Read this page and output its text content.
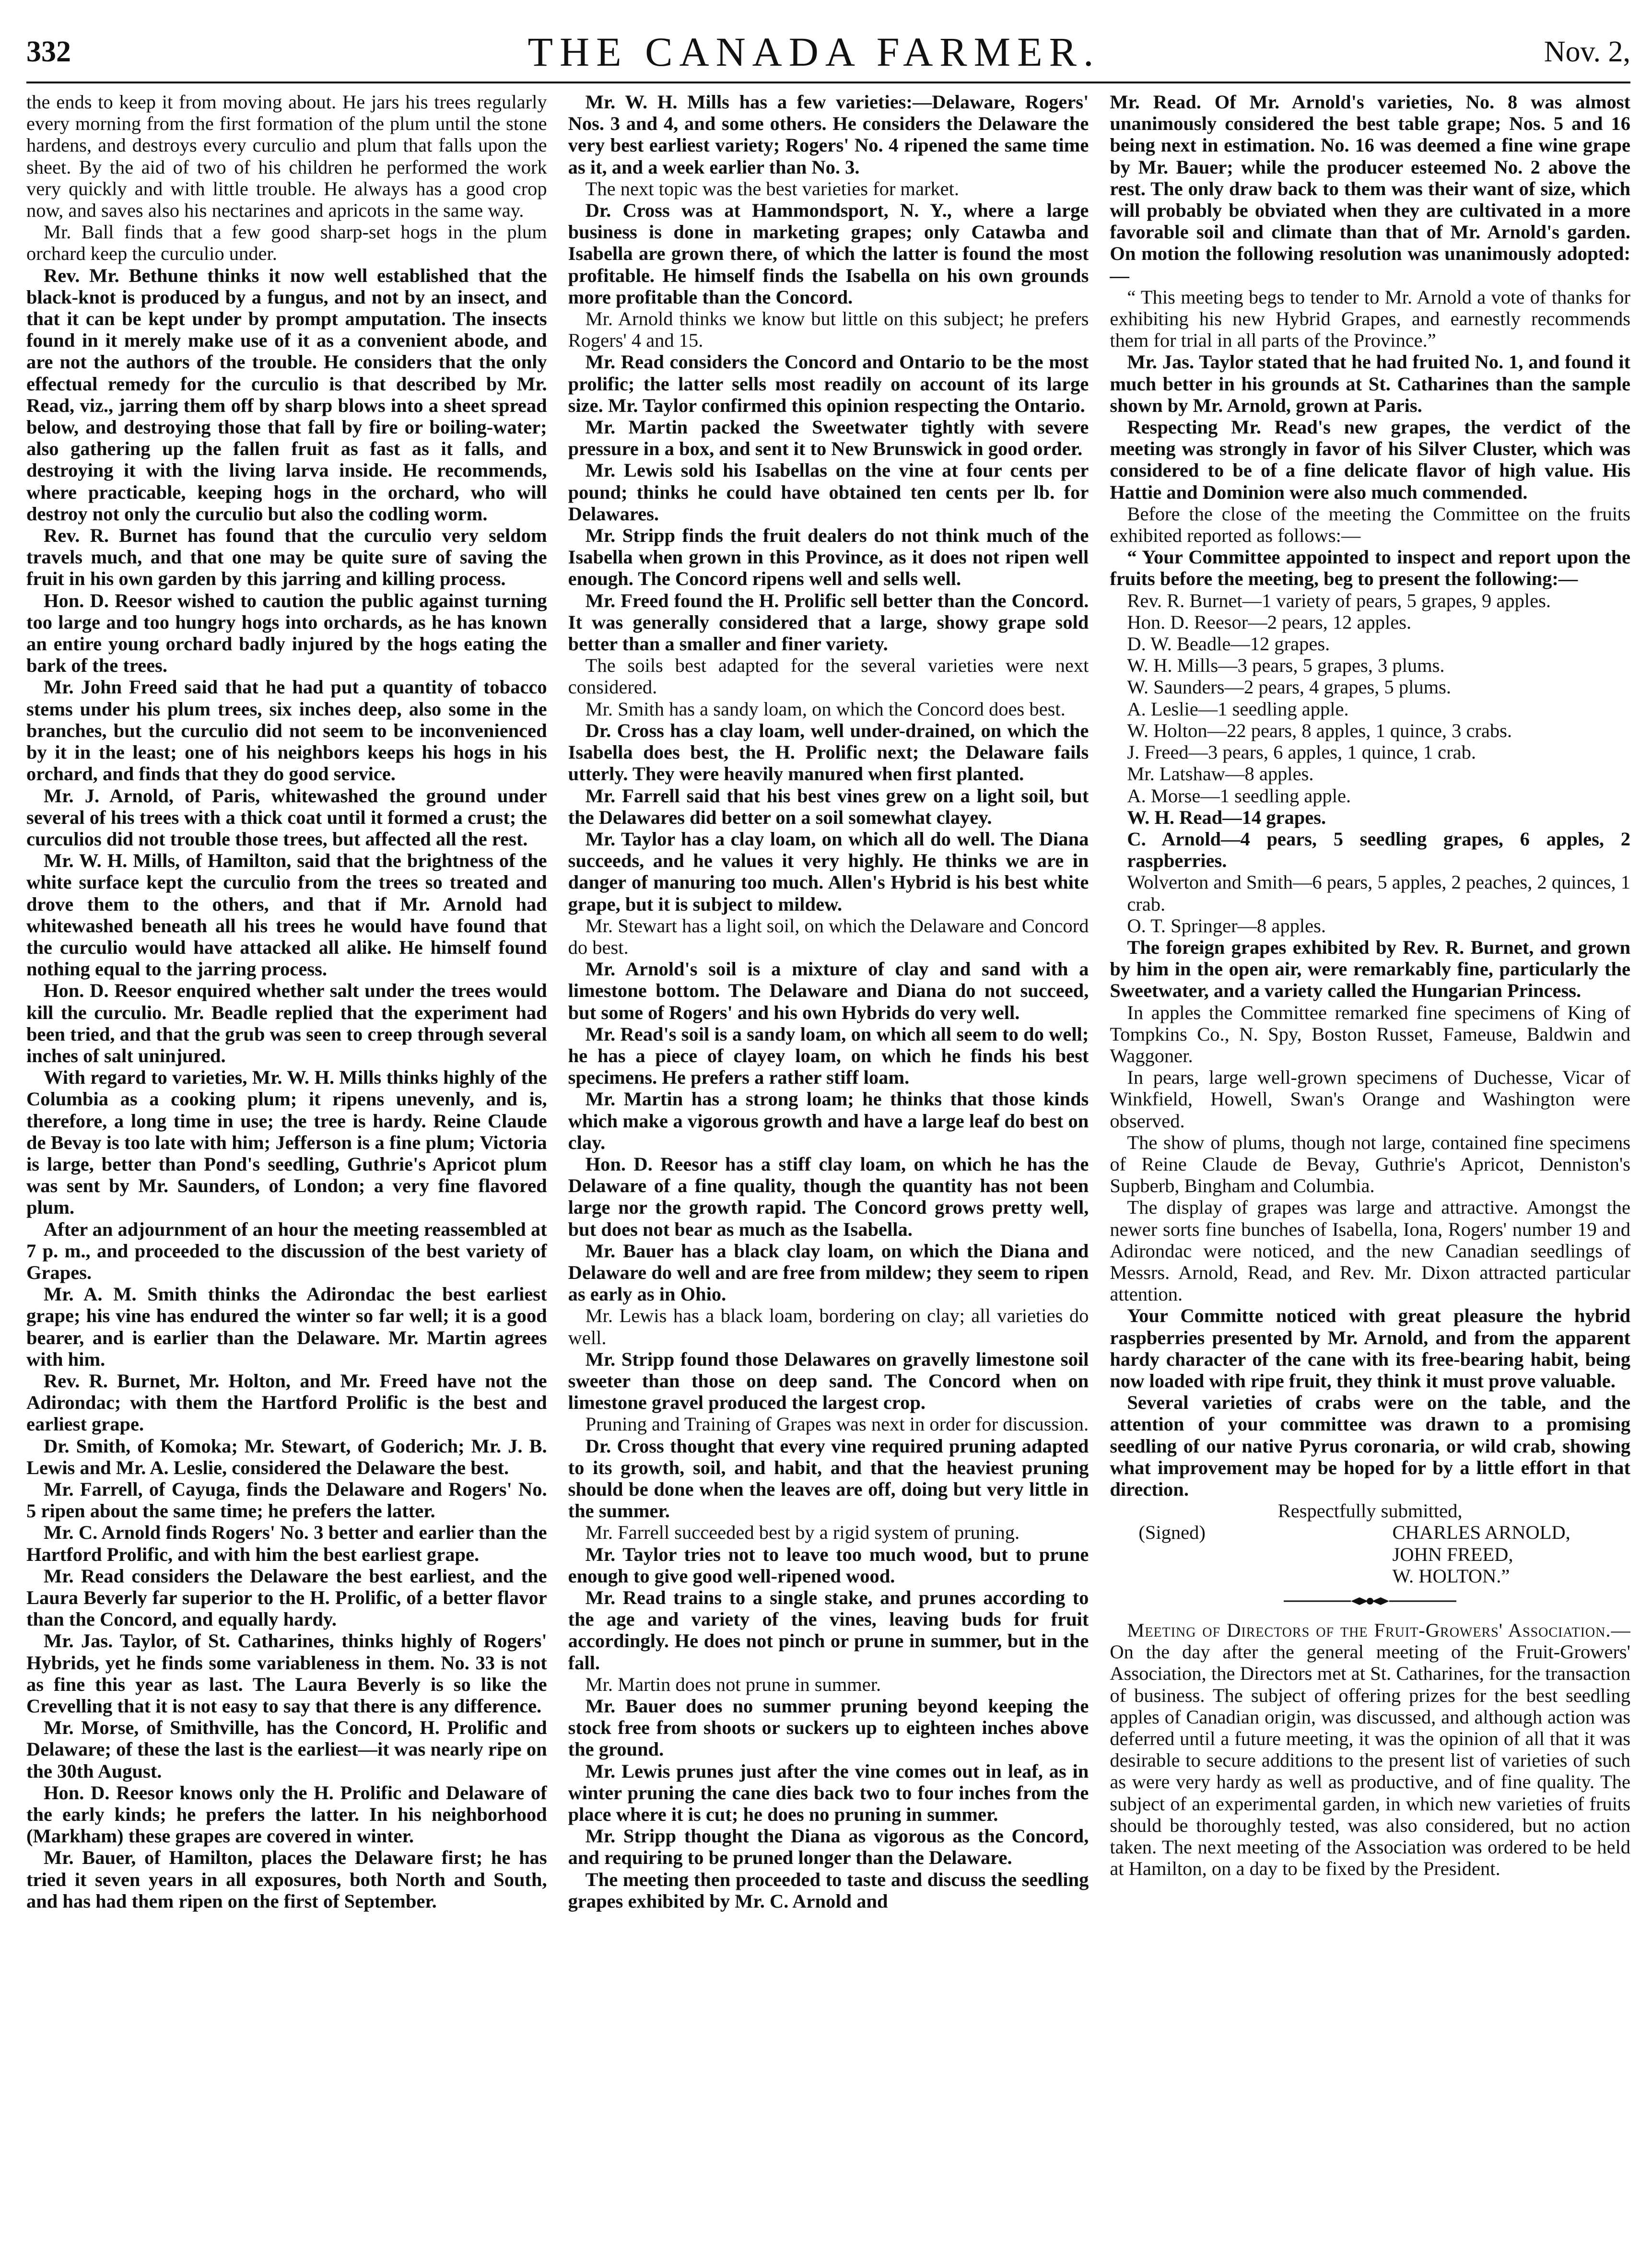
332	THE CANADA FARMER.	Nov. 2,

the ends to keep it from moving about. He jars his trees regularly every morning from the first formation of the plum until the stone hardens, and destroys every curculio and plum that falls upon the sheet. By the aid of two of his children he performed the work very quickly and with little trouble. He always has a good crop now, and saves also his nectarines and apricots in the same way.

Mr. Ball finds that a few good sharp-set hogs in the plum orchard keep the curculio under.

Rev. Mr. Bethune thinks it now well established that the black-knot is produced by a fungus, and not by an insect, and that it can be kept under by prompt amputation. The insects found in it merely make use of it as a convenient abode, and are not the authors of the trouble. He considers that the only effectual remedy for the curculio is that described by Mr. Read, viz., jarring them off by sharp blows into a sheet spread below, and destroying those that fall by fire or boiling-water; also gathering up the fallen fruit as fast as it falls, and destroying it with the living larva inside. He recommends, where practicable, keeping hogs in the orchard, who will destroy not only the curculio but also the codling worm.

Rev. R. Burnet has found that the curculio very seldom travels much, and that one may be quite sure of saving the fruit in his own garden by this jarring and killing process.

Hon. D. Reesor wished to caution the public against turning too large and too hungry hogs into orchards, as he has known an entire young orchard badly injured by the hogs eating the bark of the trees.

Mr. John Freed said that he had put a quantity of tobacco stems under his plum trees, six inches deep, also some in the branches, but the curculio did not seem to be inconvenienced by it in the least; one of his neighbors keeps his hogs in his orchard, and finds that they do good service.

Mr. J. Arnold, of Paris, whitewashed the ground under several of his trees with a thick coat until it formed a crust; the curculios did not trouble those trees, but affected all the rest.

Mr. W. H. Mills, of Hamilton, said that the brightness of the white surface kept the curculio from the trees so treated and drove them to the others, and that if Mr. Arnold had whitewashed beneath all his trees he would have found that the curculio would have attacked all alike. He himself found nothing equal to the jarring process.

Hon. D. Reesor enquired whether salt under the trees would kill the curculio. Mr. Beadle replied that the experiment had been tried, and that the grub was seen to creep through several inches of salt uninjured.

With regard to varieties, Mr. W. H. Mills thinks highly of the Columbia as a cooking plum; it ripens unevenly, and is, therefore, a long time in use; the tree is hardy. Reine Claude de Bevay is too late with him; Jefferson is a fine plum; Victoria is large, better than Pond's seedling, Guthrie's Apricot plum was sent by Mr. Saunders, of London; a very fine flavored plum.

After an adjournment of an hour the meeting reassembled at 7 p. m., and proceeded to the discussion of the best variety of Grapes.

Mr. A. M. Smith thinks the Adirondac the best earliest grape; his vine has endured the winter so far well; it is a good bearer, and is earlier than the Delaware. Mr. Martin agrees with him.

Rev. R. Burnet, Mr. Holton, and Mr. Freed have not the Adirondac; with them the Hartford Prolific is the best and earliest grape.

Dr. Smith, of Komoka; Mr. Stewart, of Goderich; Mr. J. B. Lewis and Mr. A. Leslie, considered the Delaware the best.

Mr. Farrell, of Cayuga, finds the Delaware and Rogers' No. 5 ripen about the same time; he prefers the latter.

Mr. C. Arnold finds Rogers' No. 3 better and earlier than the Hartford Prolific, and with him the best earliest grape.

Mr. Read considers the Delaware the best earliest, and the Laura Beverly far superior to the H. Prolific, of a better flavor than the Concord, and equally hardy.

Mr. Jas. Taylor, of St. Catharines, thinks highly of Rogers' Hybrids, yet he finds some variableness in them. No. 33 is not as fine this year as last. The Laura Beverly is so like the Crevelling that it is not easy to say that there is any difference.

Mr. Morse, of Smithville, has the Concord, H. Prolific and Delaware; of these the last is the earliest—it was nearly ripe on the 30th August.

Hon. D. Reesor knows only the H. Prolific and Delaware of the early kinds; he prefers the latter. In his neighborhood (Markham) these grapes are covered in winter.

Mr. Bauer, of Hamilton, places the Delaware first; he has tried it seven years in all exposures, both North and South, and has had them ripen on the first of September.

Mr. W. H. Mills has a few varieties:—Delaware, Rogers' Nos. 3 and 4, and some others. He considers the Delaware the very best earliest variety; Rogers' No. 4 ripened the same time as it, and a week earlier than No. 3.

The next topic was the best varieties for market.

Dr. Cross was at Hammondsport, N. Y., where a large business is done in marketing grapes; only Catawba and Isabella are grown there, of which the latter is found the most profitable. He himself finds the Isabella on his own grounds more profitable than the Concord.

Mr. Arnold thinks we know but little on this subject; he prefers Rogers' 4 and 15.

Mr. Read considers the Concord and Ontario to be the most prolific; the latter sells most readily on account of its large size. Mr. Taylor confirmed this opinion respecting the Ontario.

Mr. Martin packed the Sweetwater tightly with severe pressure in a box, and sent it to New Brunswick in good order.

Mr. Lewis sold his Isabellas on the vine at four cents per pound; thinks he could have obtained ten cents per lb. for Delawares.

Mr. Stripp finds the fruit dealers do not think much of the Isabella when grown in this Province, as it does not ripen well enough. The Concord ripens well and sells well.

Mr. Freed found the H. Prolific sell better than the Concord. It was generally considered that a large, showy grape sold better than a smaller and finer variety.

The soils best adapted for the several varieties were next considered.

Mr. Smith has a sandy loam, on which the Concord does best.

Dr. Cross has a clay loam, well under-drained, on which the Isabella does best, the H. Prolific next; the Delaware fails utterly. They were heavily manured when first planted.

Mr. Farrell said that his best vines grew on a light soil, but the Delawares did better on a soil somewhat clayey.

Mr. Taylor has a clay loam, on which all do well. The Diana succeeds, and he values it very highly. He thinks we are in danger of manuring too much. Allen's Hybrid is his best white grape, but it is subject to mildew.

Mr. Stewart has a light soil, on which the Delaware and Concord do best.

Mr. Arnold's soil is a mixture of clay and sand with a limestone bottom. The Delaware and Diana do not succeed, but some of Rogers' and his own Hybrids do very well.

Mr. Read's soil is a sandy loam, on which all seem to do well; he has a piece of clayey loam, on which he finds his best specimens. He prefers a rather stiff loam.

Mr. Martin has a strong loam; he thinks that those kinds which make a vigorous growth and have a large leaf do best on clay.

Hon. D. Reesor has a stiff clay loam, on which he has the Delaware of a fine quality, though the quantity has not been large nor the growth rapid. The Concord grows pretty well, but does not bear as much as the Isabella.

Mr. Bauer has a black clay loam, on which the Diana and Delaware do well and are free from mildew; they seem to ripen as early as in Ohio.

Mr. Lewis has a black loam, bordering on clay; all varieties do well.

Mr. Stripp found those Delawares on gravelly limestone soil sweeter than those on deep sand. The Concord when on limestone gravel produced the largest crop.

Pruning and Training of Grapes was next in order for discussion.

Dr. Cross thought that every vine required pruning adapted to its growth, soil, and habit, and that the heaviest pruning should be done when the leaves are off, doing but very little in the summer.

Mr. Farrell succeeded best by a rigid system of pruning.

Mr. Taylor tries not to leave too much wood, but to prune enough to give good well-ripened wood.

Mr. Read trains to a single stake, and prunes according to the age and variety of the vines, leaving buds for fruit accordingly. He does not pinch or prune in summer, but in the fall.

Mr. Martin does not prune in summer.

Mr. Bauer does no summer pruning beyond keeping the stock free from shoots or suckers up to eighteen inches above the ground.

Mr. Lewis prunes just after the vine comes out in leaf, as in winter pruning the cane dies back two to four inches from the place where it is cut; he does no pruning in summer.

Mr. Stripp thought the Diana as vigorous as the Concord, and requiring to be pruned longer than the Delaware.

The meeting then proceeded to taste and discuss the seedling grapes exhibited by Mr. C. Arnold and

Mr. Read. Of Mr. Arnold's varieties, No. 8 was almost unanimously considered the best table grape; Nos. 5 and 16 being next in estimation. No. 16 was deemed a fine wine grape by Mr. Bauer; while the producer esteemed No. 2 above the rest. The only draw back to them was their want of size, which will probably be obviated when they are cultivated in a more favorable soil and climate than that of Mr. Arnold's garden. On motion the following resolution was unanimously adopted:—

“ This meeting begs to tender to Mr. Arnold a vote of thanks for exhibiting his new Hybrid Grapes, and earnestly recommends them for trial in all parts of the Province.”

Mr. Jas. Taylor stated that he had fruited No. 1, and found it much better in his grounds at St. Catharines than the sample shown by Mr. Arnold, grown at Paris.

Respecting Mr. Read's new grapes, the verdict of the meeting was strongly in favor of his Silver Cluster, which was considered to be of a fine delicate flavor of high value. His Hattie and Dominion were also much commended.

Before the close of the meeting the Committee on the fruits exhibited reported as follows:—

“ Your Committee appointed to inspect and report upon the fruits before the meeting, beg to present the following:—

Rev. R. Burnet—1 variety of pears, 5 grapes, 9 apples.

Hon. D. Reesor—2 pears, 12 apples.

D. W. Beadle—12 grapes.

W. H. Mills—3 pears, 5 grapes, 3 plums.

W. Saunders—2 pears, 4 grapes, 5 plums.

A. Leslie—1 seedling apple.

W. Holton—22 pears, 8 apples, 1 quince, 3 crabs.

J. Freed—3 pears, 6 apples, 1 quince, 1 crab.

Mr. Latshaw—8 apples.

A. Morse—1 seedling apple.

W. H. Read—14 grapes.

C. Arnold—4 pears, 5 seedling grapes, 6 apples, 2 raspberries.

Wolverton and Smith—6 pears, 5 apples, 2 peaches, 2 quinces, 1 crab.

O. T. Springer—8 apples.

The foreign grapes exhibited by Rev. R. Burnet, and grown by him in the open air, were remarkably fine, particularly the Sweetwater, and a variety called the Hungarian Princess.

In apples the Committee remarked fine specimens of King of Tompkins Co., N. Spy, Boston Russet, Fameuse, Baldwin and Waggoner.

In pears, large well-grown specimens of Duchesse, Vicar of Winkfield, Howell, Swan's Orange and Washington were observed.

The show of plums, though not large, contained fine specimens of Reine Claude de Bevay, Guthrie's Apricot, Denniston's Supberb, Bingham and Columbia.

The display of grapes was large and attractive. Amongst the newer sorts fine bunches of Isabella, Iona, Rogers' number 19 and Adirondac were noticed, and the new Canadian seedlings of Messrs. Arnold, Read, and Rev. Mr. Dixon attracted particular attention.

Your Committe noticed with great pleasure the hybrid raspberries presented by Mr. Arnold, and from the apparent hardy character of the cane with its free-bearing habit, being now loaded with ripe fruit, they think it must prove valuable.

Several varieties of crabs were on the table, and the attention of your committee was drawn to a promising seedling of our native Pyrus coronaria, or wild crab, showing what improvement may be hoped for by a little effort in that direction.

Respectfully submitted,

(Signed)	CHARLES ARNOLD,
JOHN FREED,
W. HOLTON.”

Meeting of Directors of the Fruit-Growers' Association.—On the day after the general meeting of the Fruit-Growers' Association, the Directors met at St. Catharines, for the transaction of business. The subject of offering prizes for the best seedling apples of Canadian origin, was discussed, and although action was deferred until a future meeting, it was the opinion of all that it was desirable to secure additions to the present list of varieties of such as were very hardy as well as productive, and of fine quality. The subject of an experimental garden, in which new varieties of fruits should be thoroughly tested, was also considered, but no action taken. The next meeting of the Association was ordered to be held at Hamilton, on a day to be fixed by the President.
